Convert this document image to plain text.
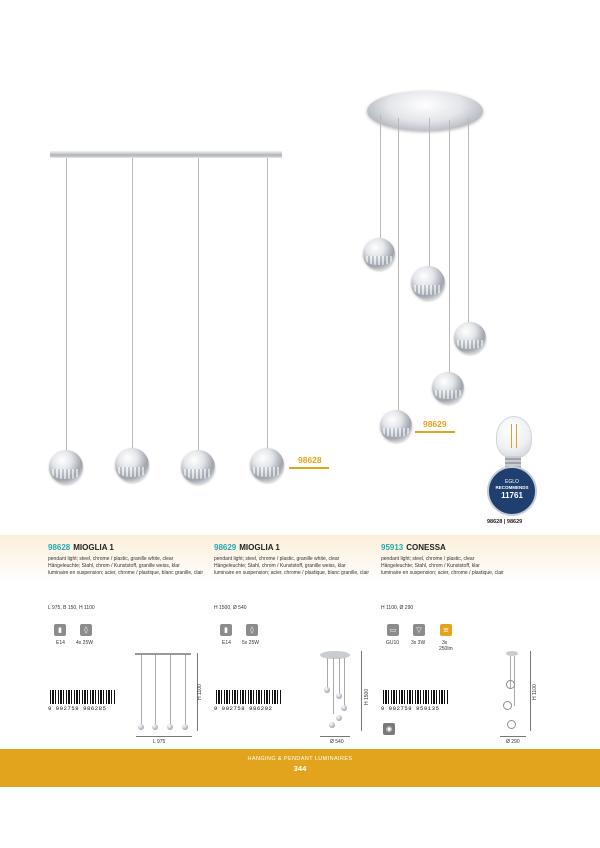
98628
98629
EGLO
RECOMMENDS
11761
98628 | 98629
98628 MIOGLIA 1
pendant light; steel, chrome / plastic, granille white, clear
Hängeleuchte; Stahl, chrom / Kunststoff, granille weiss, klar
luminaire en suspension; acier, chrome / plastique, blanc granille, clair
L 975, B 150, H 1100
▮	◊
E14 4x 25W
9 002759 986285
L 975
H 1100
98629 MIOGLIA 1
pendant light; steel, chrome / plastic, granille white, clear
Hängeleuchte; Stahl, chrom / Kunststoff, granille weiss, klar
luminaire en suspension; acier, chrome / plastique, blanc granille, clair
H 1500, Ø 540
▮	◊
E14 5x 25W
9 002759 986292
Ø 540
H 1500
95913 CONESSA
pendant light; steel, chrome / plastic, clear
Hängeleuchte; Stahl, chrom / Kunststoff, klar
luminaire en suspension; acier, chrome / plastique, clair
H 1100, Ø 290
▭	▽	≡
GU10 3x 3W	3x
250lm
9 002759 959135
◉
Ø 290
H 1100
HANGING & PENDANT LUMINAIRES
344
